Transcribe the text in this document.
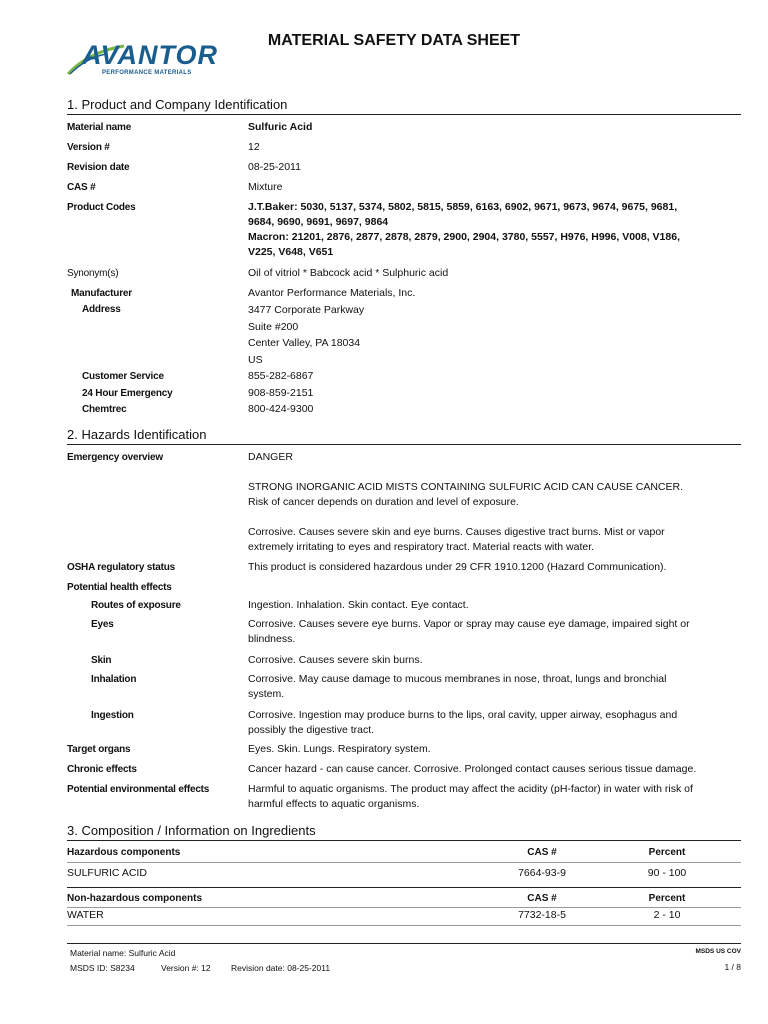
AVANTOR
PERFORMANCE MATERIALS
MATERIAL SAFETY DATA SHEET
1. Product and Company Identification
Material name	Sulfuric Acid
Version #	12
Revision date	08-25-2011
CAS #	Mixture
Product Codes	J.T.Baker: 5030, 5137, 5374, 5802, 5815, 5859, 6163, 6902, 9671, 9673, 9674, 9675, 9681,
9684, 9690, 9691, 9697, 9864
Macron: 21201, 2876, 2877, 2878, 2879, 2900, 2904, 3780, 5557, H976, H996, V008, V186,
V225, V648, V651
Synonym(s)	Oil of vitriol * Babcock acid * Sulphuric acid
Manufacturer	Avantor Performance Materials, Inc.
Address	3477 Corporate Parkway
Suite #200
Center Valley, PA 18034
US
Customer Service	855-282-6867
24 Hour Emergency	908-859-2151
Chemtrec	800-424-9300
2. Hazards Identification
Emergency overview	DANGER
STRONG INORGANIC ACID MISTS CONTAINING SULFURIC ACID CAN CAUSE CANCER.
Risk of cancer depends on duration and level of exposure.
Corrosive. Causes severe skin and eye burns. Causes digestive tract burns. Mist or vapor
extremely irritating to eyes and respiratory tract. Material reacts with water.
OSHA regulatory status	This product is considered hazardous under 29 CFR 1910.1200 (Hazard Communication).
Potential health effects
Routes of exposure	Ingestion. Inhalation. Skin contact. Eye contact.
Eyes	Corrosive. Causes severe eye burns. Vapor or spray may cause eye damage, impaired sight or
blindness.
Skin	Corrosive. Causes severe skin burns.
Inhalation	Corrosive. May cause damage to mucous membranes in nose, throat, lungs and bronchial
system.
Ingestion	Corrosive. Ingestion may produce burns to the lips, oral cavity, upper airway, esophagus and
possibly the digestive tract.
Target organs	Eyes. Skin. Lungs. Respiratory system.
Chronic effects	Cancer hazard - can cause cancer. Corrosive. Prolonged contact causes serious tissue damage.
Potential environmental effects	Harmful to aquatic organisms. The product may affect the acidity (pH-factor) in water with risk of
harmful effects to aquatic organisms.
3. Composition / Information on Ingredients
Hazardous components	CAS #	Percent
SULFURIC ACID	7664-93-9	90 - 100
Non-hazardous components	CAS #	Percent
WATER	7732-18-5	2 - 10
Material name: Sulfuric Acid
MSDS ID: S8234	Version #: 12 Revision date: 08-25-2011
MSDS US COV
1 / 8
